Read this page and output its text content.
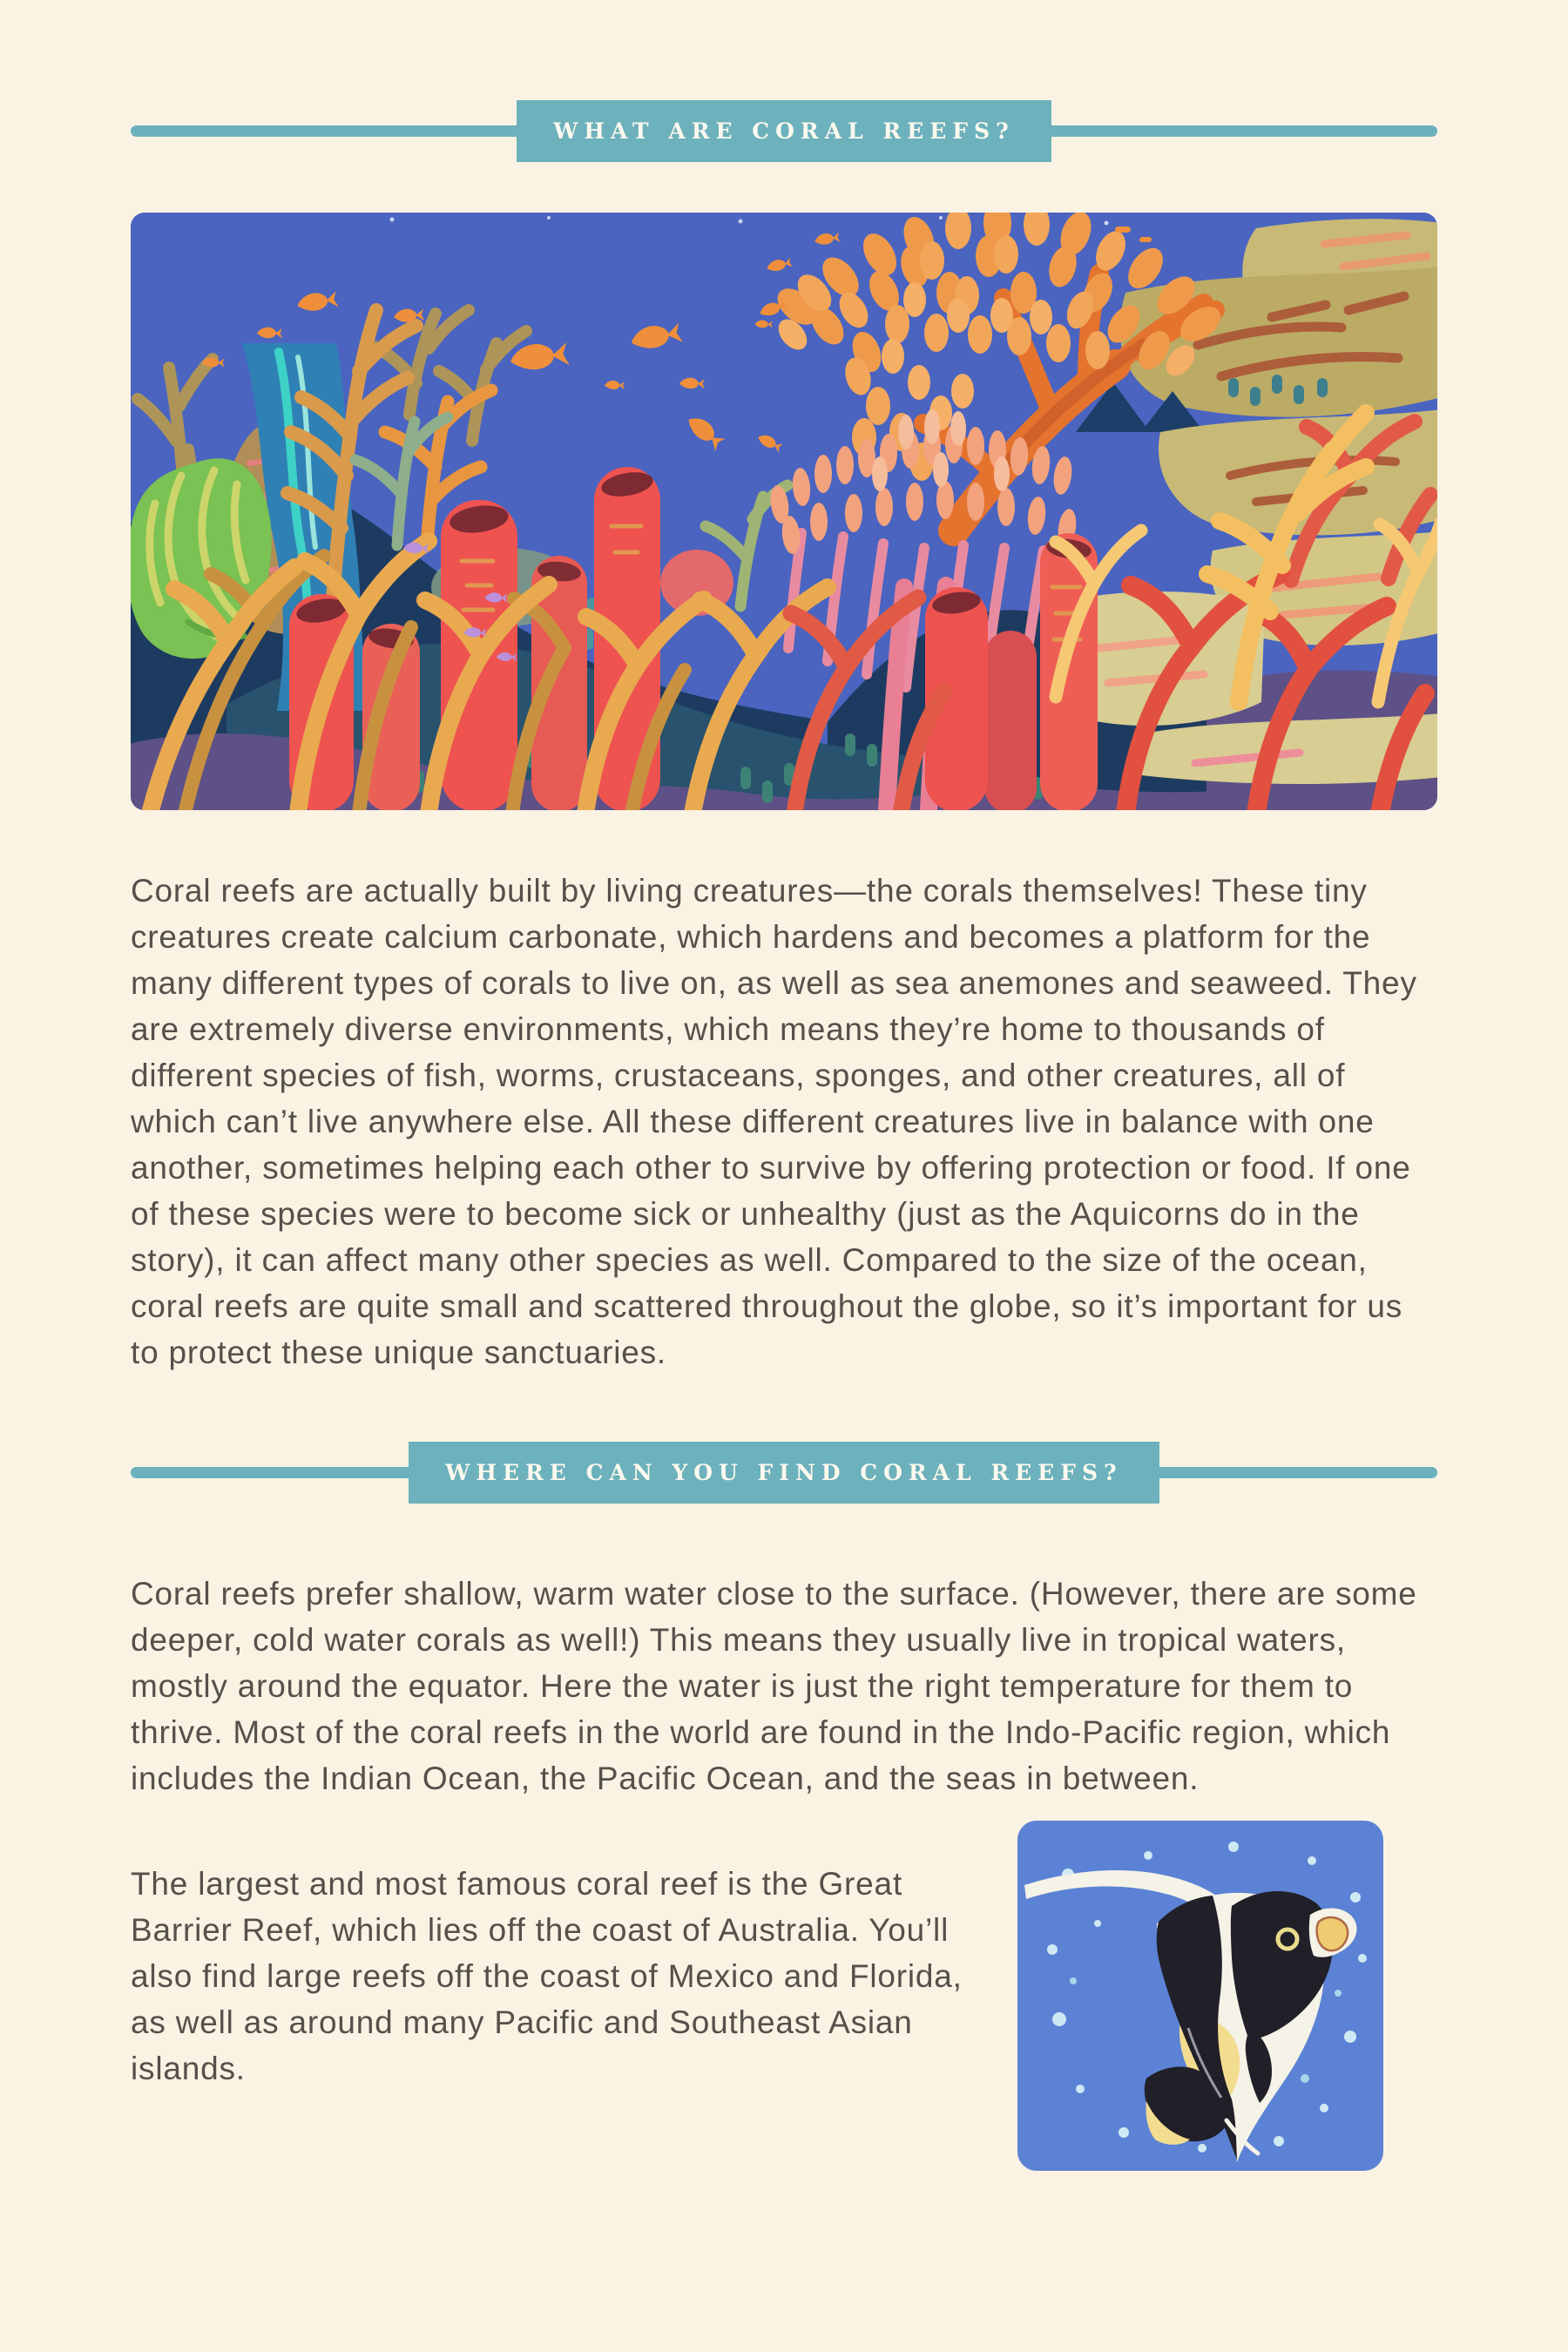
WHAT ARE CORAL REEFS?

Coral reefs are actually built by living creatures—the corals themselves! These tiny creatures create calcium carbonate, which hardens and becomes a platform for the many different types of corals to live on, as well as sea anemones and seaweed. They are extremely diverse environments, which means they’re home to thousands of different species of fish, worms, crustaceans, sponges, and other creatures, all of which can’t live anywhere else. All these different creatures live in balance with one another, sometimes helping each other to survive by offering protection or food. If one of these species were to become sick or unhealthy (just as the Aquicorns do in the story), it can affect many other species as well. Compared to the size of the ocean, coral reefs are quite small and scattered throughout the globe, so it’s important for us to protect these unique sanctuaries.

WHERE CAN YOU FIND CORAL REEFS?

Coral reefs prefer shallow, warm water close to the surface. (However, there are some deeper, cold water corals as well!) This means they usually live in tropical waters, mostly around the equator. Here the water is just the right temperature for them to thrive. Most of the coral reefs in the world are found in the Indo-Pacific region, which includes the Indian Ocean, the Pacific Ocean, and the seas in between.

The largest and most famous coral reef is the Great Barrier Reef, which lies off the coast of Australia. You’ll also find large reefs off the coast of Mexico and Florida, as well as around many Pacific and Southeast Asian islands.
